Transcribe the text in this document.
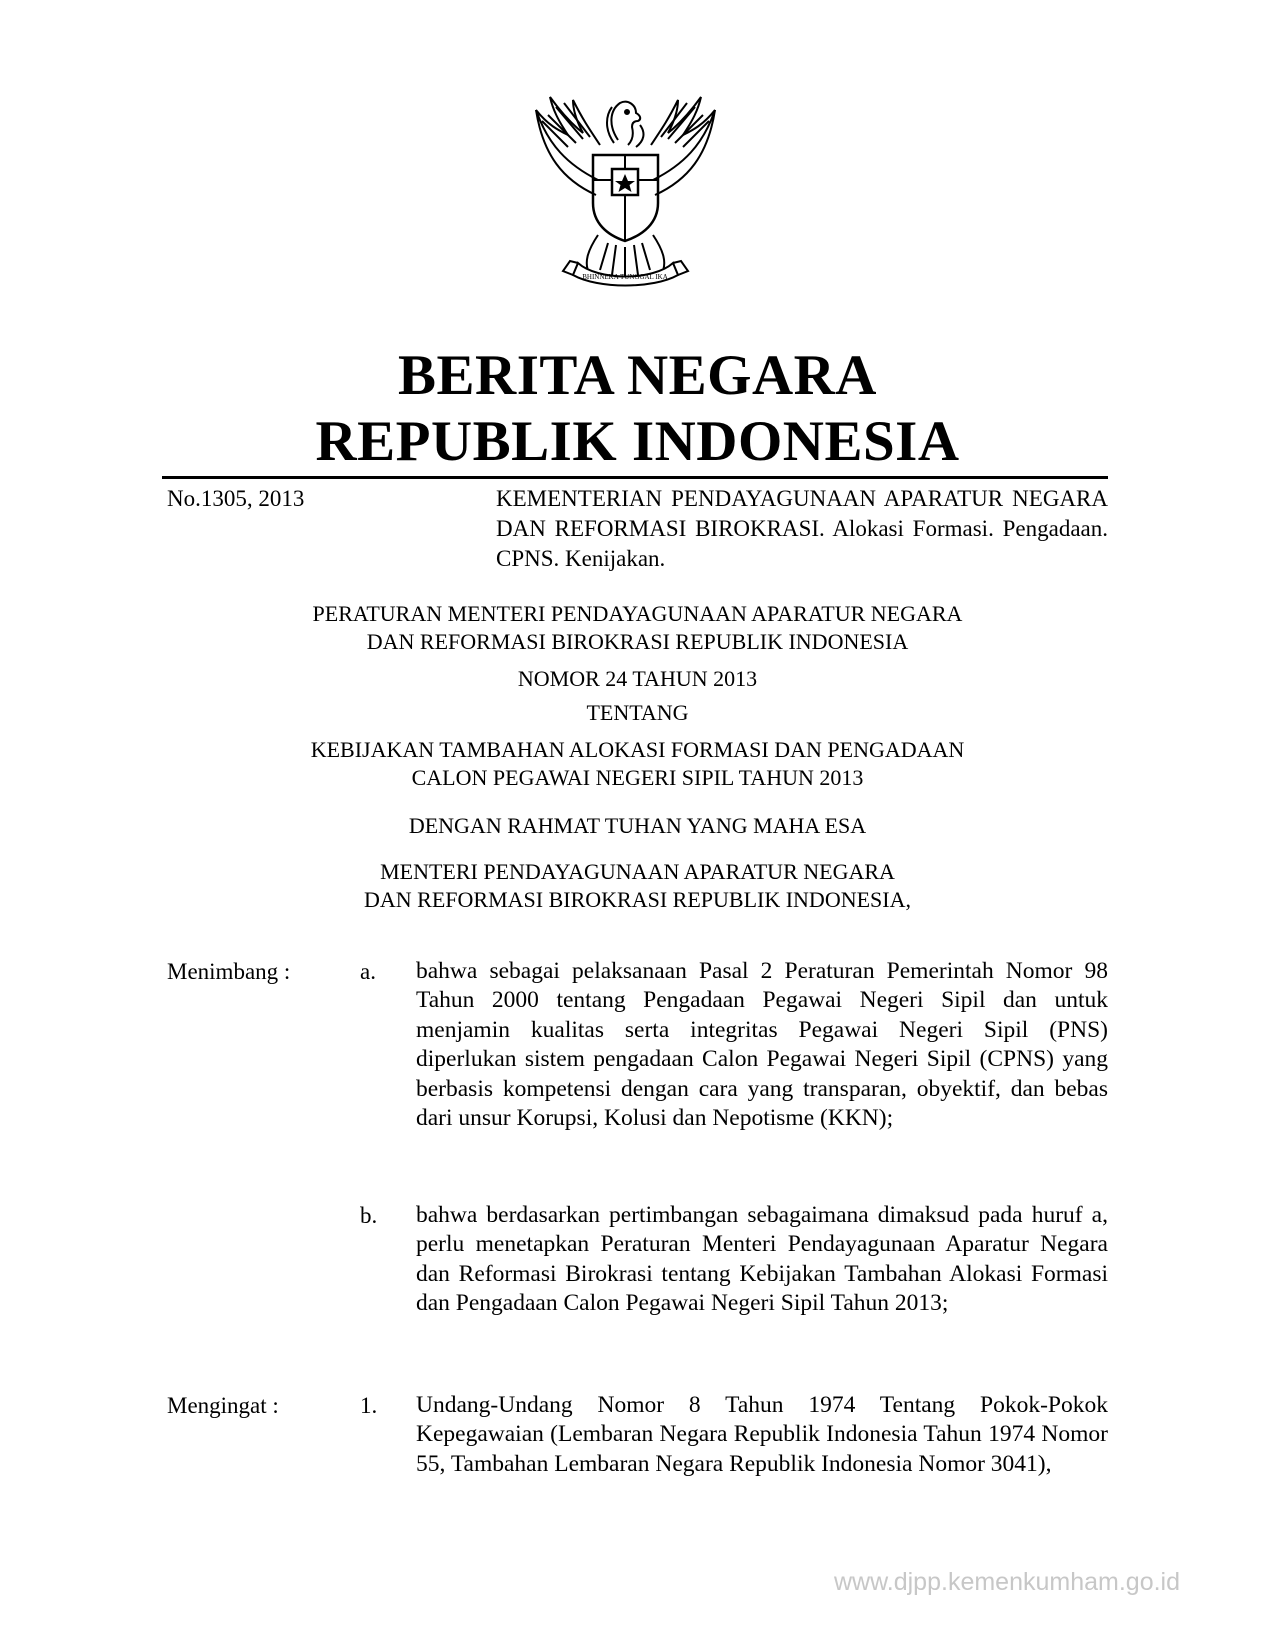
BHINNEKA TUNGGAL IKA
BERITA NEGARA
REPUBLIK INDONESIA
No.1305, 2013	KEMENTERIAN PENDAYAGUNAAN APARATUR NEGARA DAN REFORMASI BIROKRASI. Alokasi Formasi. Pengadaan. CPNS. Kenijakan.
PERATURAN MENTERI PENDAYAGUNAAN APARATUR NEGARA
DAN REFORMASI BIROKRASI REPUBLIK INDONESIA
NOMOR 24 TAHUN 2013
TENTANG
KEBIJAKAN TAMBAHAN ALOKASI FORMASI DAN PENGADAAN
CALON PEGAWAI NEGERI SIPIL TAHUN 2013
DENGAN RAHMAT TUHAN YANG MAHA ESA
MENTERI PENDAYAGUNAAN APARATUR NEGARA
DAN REFORMASI BIROKRASI REPUBLIK INDONESIA,
Menimbang :	a. bahwa sebagai pelaksanaan Pasal 2 Peraturan Pemerintah Nomor 98 Tahun 2000 tentang Pengadaan Pegawai Negeri Sipil dan untuk menjamin kualitas serta integritas Pegawai Negeri Sipil (PNS) diperlukan sistem pengadaan Calon Pegawai Negeri Sipil (CPNS) yang berbasis kompetensi dengan cara yang transparan, obyektif, dan bebas dari unsur Korupsi, Kolusi dan Nepotisme (KKN);
b. bahwa berdasarkan pertimbangan sebagaimana dimaksud pada huruf a, perlu menetapkan Peraturan Menteri Pendayagunaan Aparatur Negara dan Reformasi Birokrasi tentang Kebijakan Tambahan Alokasi Formasi dan Pengadaan Calon Pegawai Negeri Sipil Tahun 2013;
Mengingat :	1. Undang-Undang Nomor 8 Tahun 1974 Tentang Pokok-Pokok Kepegawaian (Lembaran Negara Republik Indonesia Tahun 1974 Nomor 55, Tambahan Lembaran Negara Republik Indonesia Nomor 3041),
www.djpp.kemenkumham.go.id
